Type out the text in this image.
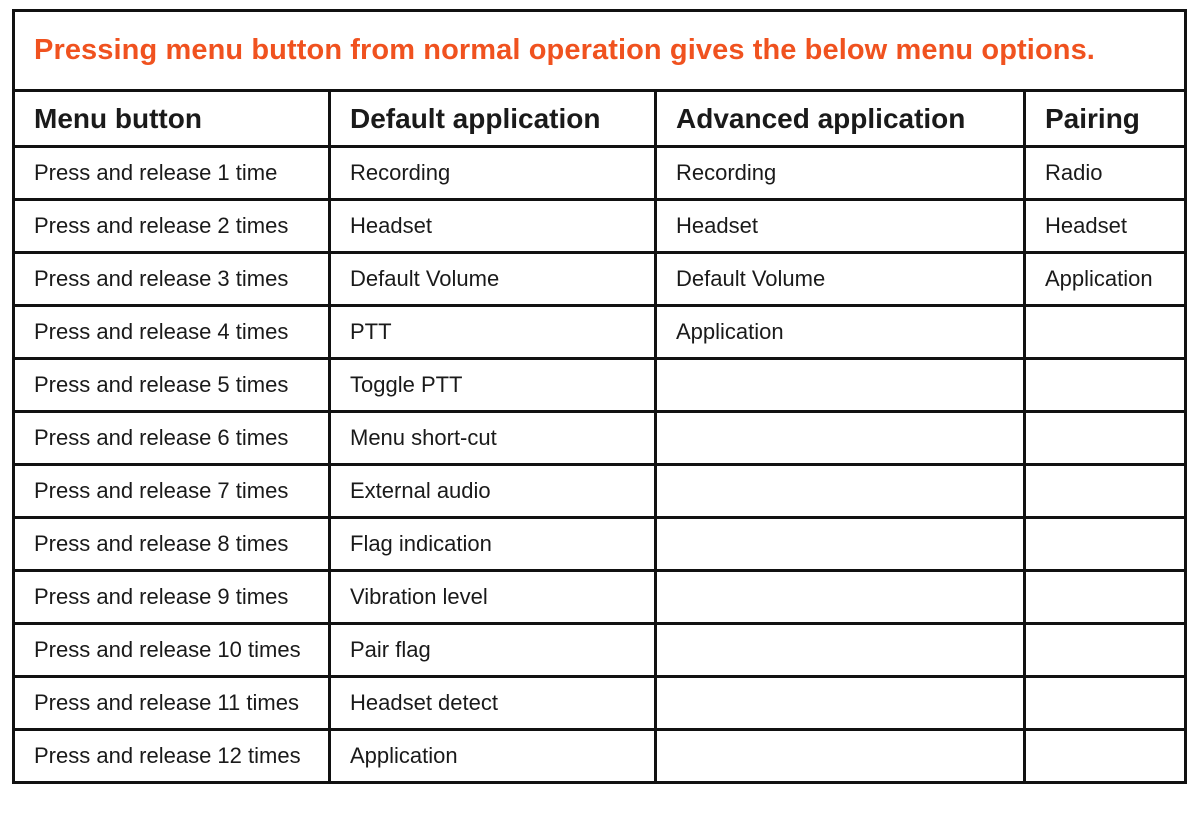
Pressing menu button from normal operation gives the below menu options.			
Menu button	Default application	Advanced application	Pairing
Press and release 1 time	Recording	Recording	Radio
Press and release 2 times	Headset	Headset	Headset
Press and release 3 times	Default Volume	Default Volume	Application
Press and release 4 times	PTT	Application	
Press and release 5 times	Toggle PTT		
Press and release 6 times	Menu short-cut		
Press and release 7 times	External audio		
Press and release 8 times	Flag indication		
Press and release 9 times	Vibration level		
Press and release 10 times	Pair flag		
Press and release 11 times	Headset detect		
Press and release 12 times	Application		
